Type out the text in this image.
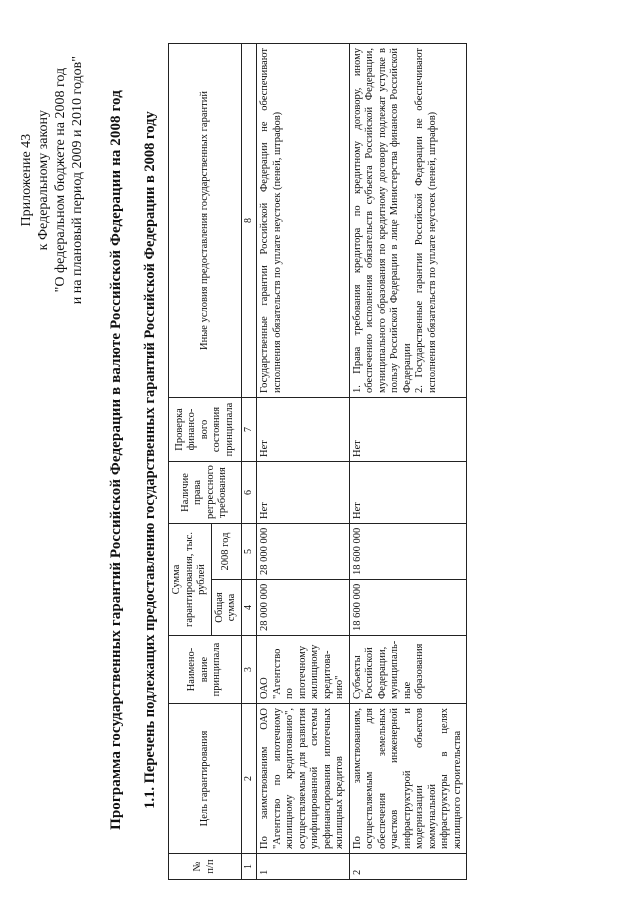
Приложение 43 к Федеральному закону "О федеральном бюджете на 2008 год и на плановый период 2009 и 2010 годов" Программа государственных гарантий Российской Федерации в валюте Российской Федерации на 2008 год 1.1. Перечень подлежащих предоставлению государственных гарантий Российской Федерации в 2008 году
№ п/п	Цель гарантирования	Наимено-вание принципала	Сумма гарантирования, тыс. рублей		Наличие права регрессного требования	Проверка финансо-вого состояния принципала	Иные условия предоставления государственных гарантий
			Общая сумма	2008 год			
1	2	3	4	5	6	7	8
1	По заимствованиям ОАО "Агентство по ипотечному жилищному кредитованию", осуществляемым для развития унифицированной системы рефинансирования ипотечных жилищных кредитов	ОАО "Агентство по ипотечному жилищному кредитова-нию"	28 000 000	28 000 000	Нет	Нет	Государственные гарантии Российской Федерации не обеспечивают исполнения обязательств по уплате неустоек (пеней, штрафов)
2	По заимствованиям, осуществляемым для обеспечения земельных участков инженерной инфраструктурой и модернизации объектов коммунальной инфраструктуры в целях жилищного строительства	Субъекты Российской Федерации, муниципаль-ные образования	18 600 000	18 600 000	Нет	Нет	1. Права требования кредитора по кредитному договору, иному обеспечению исполнения обязательств субъекта Российской Федерации, муниципального образования по кредитному договору подлежат уступке в пользу Российской Федерации в лице Министерства финансов Российской Федерации 2. Государственные гарантии Российской Федерации не обеспечивают исполнения обязательств по уплате неустоек (пеней, штрафов)
